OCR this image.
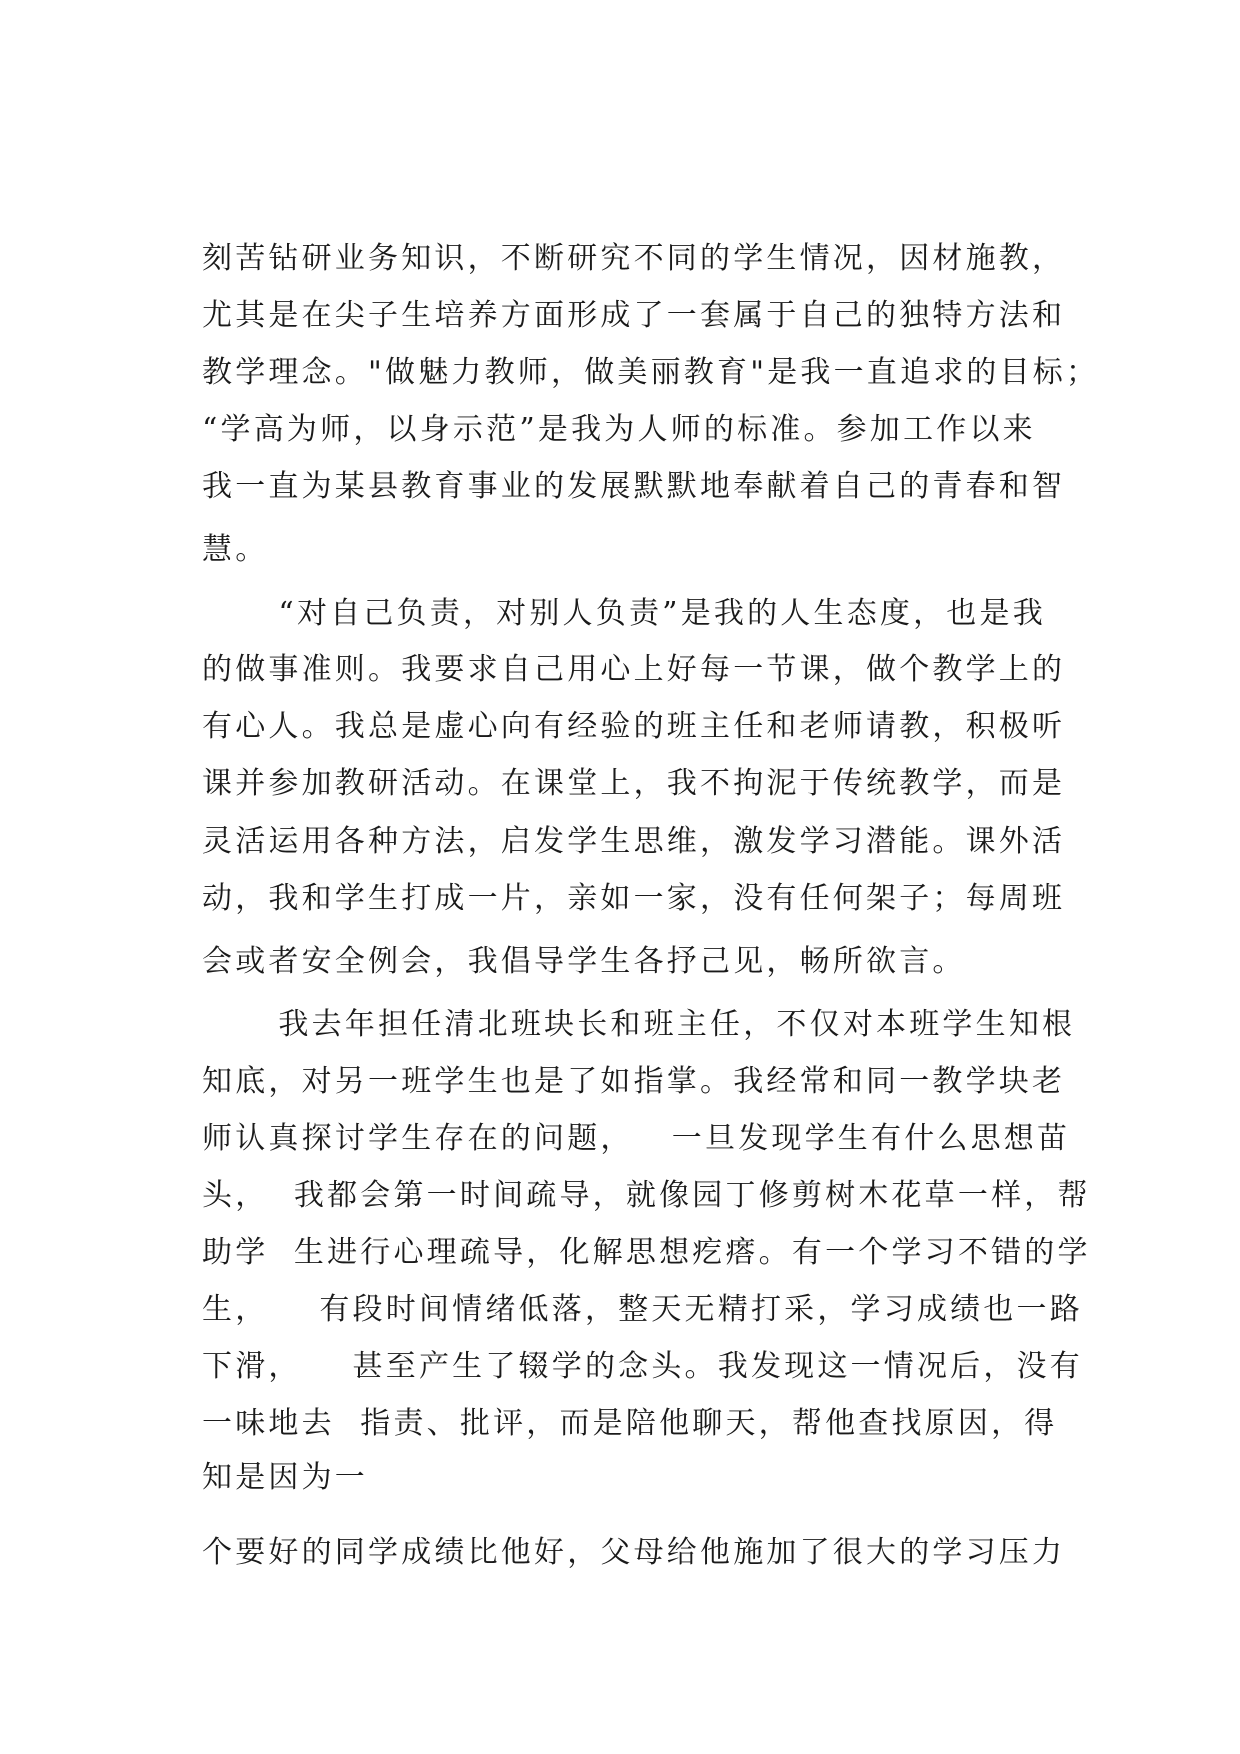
刻苦钻研业务知识，不断研究不同的学生情况，因材施教，

尤其是在尖子生培养方面形成了一套属于自己的独特方法和

教学理念。"做魅力教师，做美丽教育"是我一直追求的目标；

“学高为师，以身示范”是我为人师的标准。参加工作以来

我一直为某县教育事业的发展默默地奉献着自己的青春和智

慧。

“对自己负责，对别人负责”是我的人生态度，也是我

的做事准则。我要求自己用心上好每一节课，做个教学上的

有心人。我总是虚心向有经验的班主任和老师请教，积极听

课并参加教研活动。在课堂上，我不拘泥于传统教学，而是

灵活运用各种方法，启发学生思维，激发学习潜能。课外活

动，我和学生打成一片，亲如一家，没有任何架子；每周班

会或者安全例会，我倡导学生各抒己见，畅所欲言。

我去年担任清北班块长和班主任，不仅对本班学生知根

知底，对另一班学生也是了如指掌。我经常和同一教学块老

师认真探讨学生存在的问题，   一旦发现学生有什么思想苗

头，  我都会第一时间疏导，就像园丁修剪树木花草一样，帮

助学  生进行心理疏导，化解思想疙瘩。有一个学习不错的学

生，    有段时间情绪低落，整天无精打采，学习成绩也一路

下滑，    甚至产生了辍学的念头。我发现这一情况后，没有

一味地去  指责、批评，而是陪他聊天，帮他查找原因，得

知是因为一

个要好的同学成绩比他好，父母给他施加了很大的学习压力
